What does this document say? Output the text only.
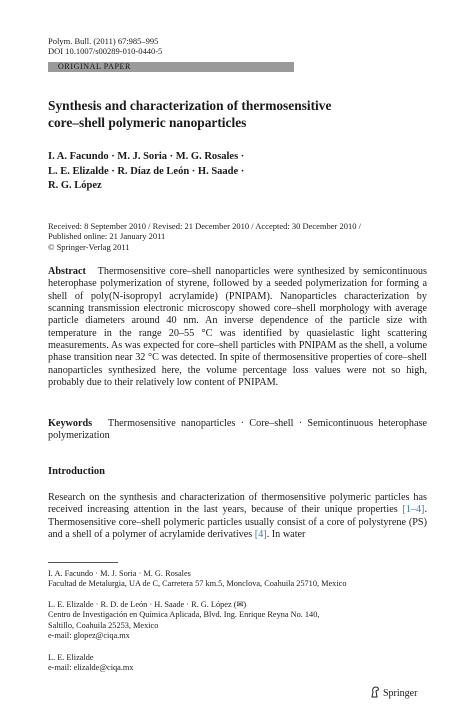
Polym. Bull. (2011) 67:985–995
DOI 10.1007/s00289-010-0440-5
ORIGINAL PAPER
Synthesis and characterization of thermosensitive
core–shell polymeric nanoparticles
I. A. Facundo · M. J. Soria · M. G. Rosales ·
L. E. Elizalde · R. Díaz de León · H. Saade ·
R. G. López
Received: 8 September 2010 / Revised: 21 December 2010 / Accepted: 30 December 2010 /
Published online: 21 January 2011
© Springer-Verlag 2011
Abstract Thermosensitive core–shell nanoparticles were synthesized by semicontinuous heterophase polymerization of styrene, followed by a seeded polymerization for forming a shell of poly(N-isopropyl acrylamide) (PNIPAM). Nanoparticles characterization by scanning transmission electronic microscopy showed core–shell morphology with average particle diameters around 40 nm. An inverse dependence of the particle size with temperature in the range 20–55 °C was identified by quasielastic light scattering measurements. As was expected for core–shell particles with PNIPAM as the shell, a volume phase transition near 32 °C was detected. In spite of thermosensitive properties of core–shell nanoparticles synthesized here, the volume percentage loss values were not so high, probably due to their relatively low content of PNIPAM.
Keywords Thermosensitive nanoparticles · Core–shell · Semicontinuous heterophase polymerization
Introduction
Research on the synthesis and characterization of thermosensitive polymeric particles has received increasing attention in the last years, because of their unique properties [1–4]. Thermosensitive core–shell polymeric particles usually consist of a core of polystyrene (PS) and a shell of a polymer of acrylamide derivatives [4]. In water
I. A. Facundo · M. J. Soria · M. G. Rosales
Facultad de Metalurgia, UA de C, Carretera 57 km.5, Monclova, Coahuila 25710, Mexico
L. E. Elizalde · R. D. de León · H. Saade · R. G. López (✉)
Centro de Investigación en Química Aplicada, Blvd. Ing. Enrique Reyna No. 140,
Saltillo, Coahuila 25253, Mexico
e-mail: glopez@ciqa.mx
L. E. Elizalde
e-mail: elizalde@ciqa.mx
Springer
